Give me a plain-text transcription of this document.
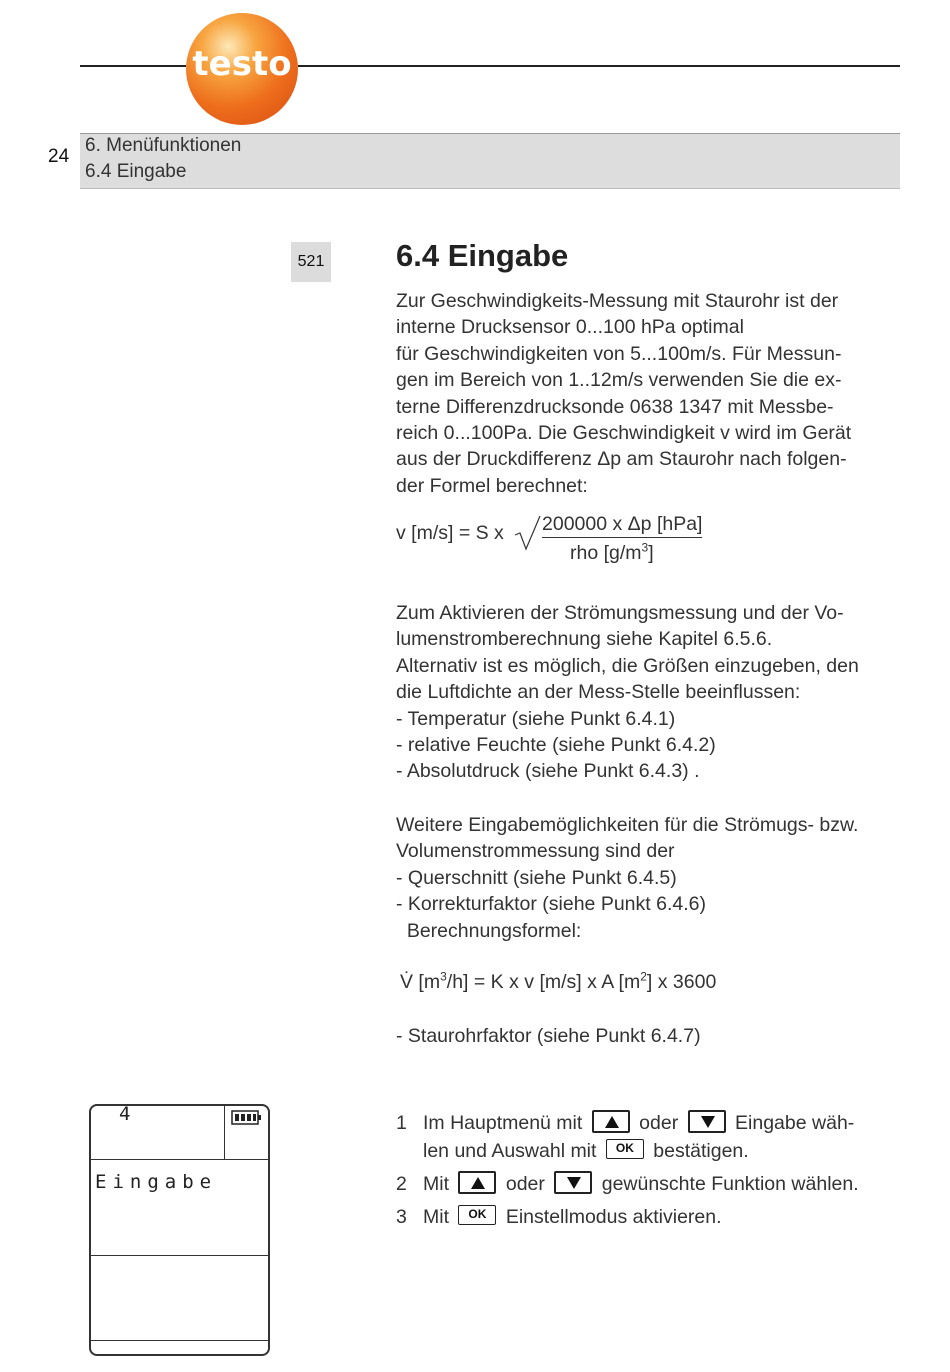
testo
24
6. Menüfunktionen
6.4 Eingabe
521 6.4 Eingabe
Zur Geschwindigkeits-Messung mit Staurohr ist der
interne Drucksensor 0...100 hPa optimal
für Geschwindigkeiten von 5...100m/s. Für Messun-
gen im Bereich von 1..12m/s verwenden Sie die ex-
terne Differenzdrucksonde 0638 1347 mit Messbe-
reich 0...100Pa. Die Geschwindigkeit v wird im Gerät
aus der Druckdifferenz Δp am Staurohr nach folgen-
der Formel berechnet:
v [m/s] = S x 200000 x Δp [hPa]
rho $[g/m^3]$
Zum Aktivieren der Strömungsmessung und der Vo-
lumenstromberechnung siehe Kapitel 6.5.6.
Alternativ ist es möglich, die Größen einzugeben, den
die Luftdichte an der Mess-Stelle beeinflussen:
- Temperatur (siehe Punkt 6.4.1)
- relative Feuchte (siehe Punkt 6.4.2)
- Absolutdruck (siehe Punkt 6.4.3) .
Weitere Eingabemöglichkeiten für die Strömugs- bzw.
Volumenstrommessung sind der
- Querschnitt (siehe Punkt 6.4.5)
- Korrekturfaktor (siehe Punkt 6.4.6)
Berechnungsformel:
V̇ $[m^3/h] = K$ x v [m/s] x A $[m^2]$ x 3600
- Staurohrfaktor (siehe Punkt 6.4.7)
4
Eingabe
1 Im Hauptmenü mit	oder	Eingabe wäh-
len und Auswahl mit	OK bestätigen.
2 Mit	oder	gewünschte Funktion wählen.
3 Mit	OK Einstellmodus aktivieren.
